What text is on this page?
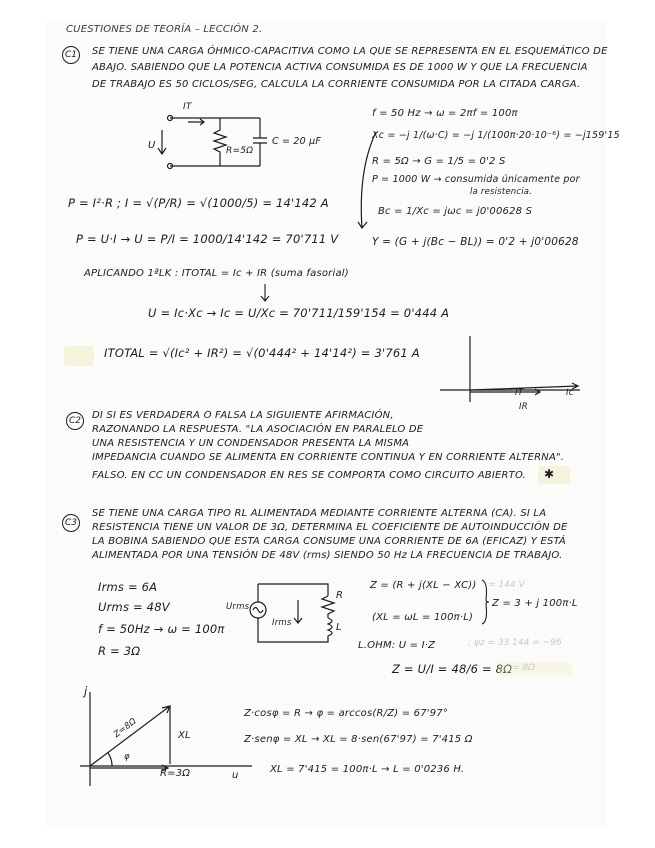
CUESTIONES DE TEORÍA – LECCIÓN 2.
C1	SE TIENE UNA CARGA ÓHMICO-CAPACITIVA COMO LA QUE SE REPRESENTA EN EL ESQUEMÁTICO DE
ABAJO. SABIENDO QUE LA POTENCIA ACTIVA CONSUMIDA ES DE 1000 W Y QUE LA FRECUENCIA
DE TRABAJO ES 50 CICLOS/SEG, CALCULA LA CORRIENTE CONSUMIDA POR LA CITADA CARGA.
IT
U	R=5Ω
C = 20 μF
f = 50 Hz → ω = 2πf = 100π
Xc = −j 1/(ω·C) = −j 1/(100π·20·10⁻⁶) = −j159'15
R = 5Ω → G = 1/5 = 0'2 S
P = 1000 W → consumida únicamente por
la resistencia.
Bc = 1/Xc = jωc = j0'00628 S
Y = (G + j(Bc − BL)) = 0'2 + j0'00628
P = I²·R ; I = √(P/R) = √(1000/5) = 14'142 A
P = U·I → U = P/I = 1000/14'142 = 70'711 V
APLICANDO 1ªLK : ITOTAL = Ic + IR (suma fasorial)
U = Ic·Xc → Ic = U/Xc = 70'711/159'154 = 0'444 A
ITOTAL = √(Ic² + IR²) = √(0'444² + 14'14²) = 3'761 A
IT
IR
Ic
C2	DI SI ES VERDADERA O FALSA LA SIGUIENTE AFIRMACIÓN,
RAZONANDO LA RESPUESTA. "LA ASOCIACIÓN EN PARALELO DE
UNA RESISTENCIA Y UN CONDENSADOR PRESENTA LA MISMA
IMPEDANCIA CUANDO SE ALIMENTA EN CORRIENTE CONTINUA Y EN CORRIENTE ALTERNA".
FALSO. EN CC UN CONDENSADOR EN RES SE COMPORTA COMO CIRCUITO ABIERTO. ✱
C3
SE TIENE UNA CARGA TIPO RL ALIMENTADA MEDIANTE CORRIENTE ALTERNA (CA). SI LA
RESISTENCIA TIENE UN VALOR DE 3Ω, DETERMINA EL COEFICIENTE DE AUTOINDUCCIÓN DE
LA BOBINA SABIENDO QUE ESTA CARGA CONSUME UNA CORRIENTE DE 6A (EFICAZ) Y ESTÁ
ALIMENTADA POR UNA TENSIÓN DE 48V (rms) SIENDO 50 Hz LA FRECUENCIA DE TRABAJO.
Irms = 6A
Urms = 48V
f = 50Hz → ω = 100π
R = 3Ω
Urms
Irms
R
L
Z = (R + j(XL − XC)) = 144 V
Z = 3 + j 100π·L
(XL = ωL = 100π·L)
L.OHM: U = I·Z	; ψz = 33 144 = −96
Z = U/I = 48/6 = 8Ω = 8Ω
j
u
Z=8Ω
φ
R=3Ω
XL
Z·cosφ = R → φ = arccos(R/Z) = 67'97°
Z·senφ = XL → XL = 8·sen(67'97) = 7'415 Ω
XL = 7'415 = 100π·L → L = 0'0236 H.
